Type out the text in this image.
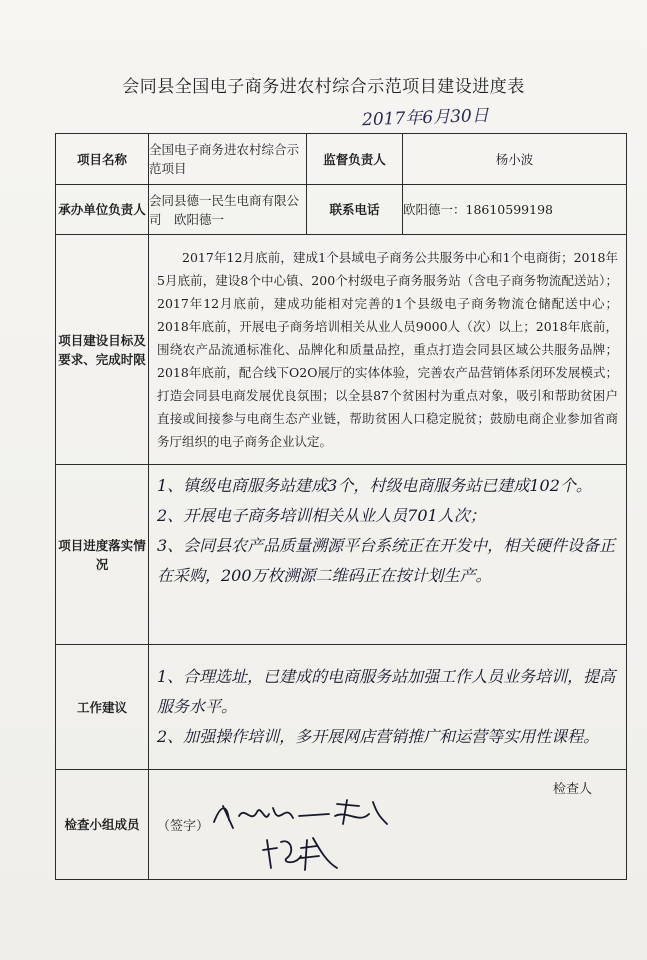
会同县全国电子商务进农村综合示范项目建设进度表
2017年6月30日
项目名称	全国电子商务进农村综合示范项目	监督负责人	杨小波
承办单位负责人	会同县德一民生电商有限公司　欧阳德一	联系电话	欧阳德一：18610599198
项目建设目标及要求、完成时限	2017年12月底前，建成1个县域电子商务公共服务中心和1个电商街；2018年5月底前，建设8个中心镇、200个村级电子商务服务站（含电子商务物流配送站）；2017年12月底前，建成功能相对完善的1个县级电子商务物流仓储配送中心；2018年底前，开展电子商务培训相关从业人员9000人（次）以上；2018年底前，围绕农产品流通标准化、品牌化和质量品控，重点打造会同县区域公共服务品牌；2018年底前，配合线下O2O展厅的实体体验，完善农产品营销体系闭环发展模式；打造会同县电商发展优良氛围；以全县87个贫困村为重点对象，吸引和帮助贫困户直接或间接参与电商生态产业链，帮助贫困人口稳定脱贫；鼓励电商企业参加省商务厅组织的电子商务企业认定。		

项目进度落实情况	1、镇级电商服务站建成3个，村级电商服务站已建成102个。

2、开展电子商务培训相关从业人员701人次；

3、会同县农产品质量溯源平台系统正在开发中，相关硬件设备正在采购，200万枚溯源二维码正在按计划生产。		

工作建议	1、合理选址，已建成的电商服务站加强工作人员业务培训，提高服务水平。

2、加强操作培训，多开展网店营销推广和运营等实用性课程。		

检查小组成员	（签字）
检查人		
